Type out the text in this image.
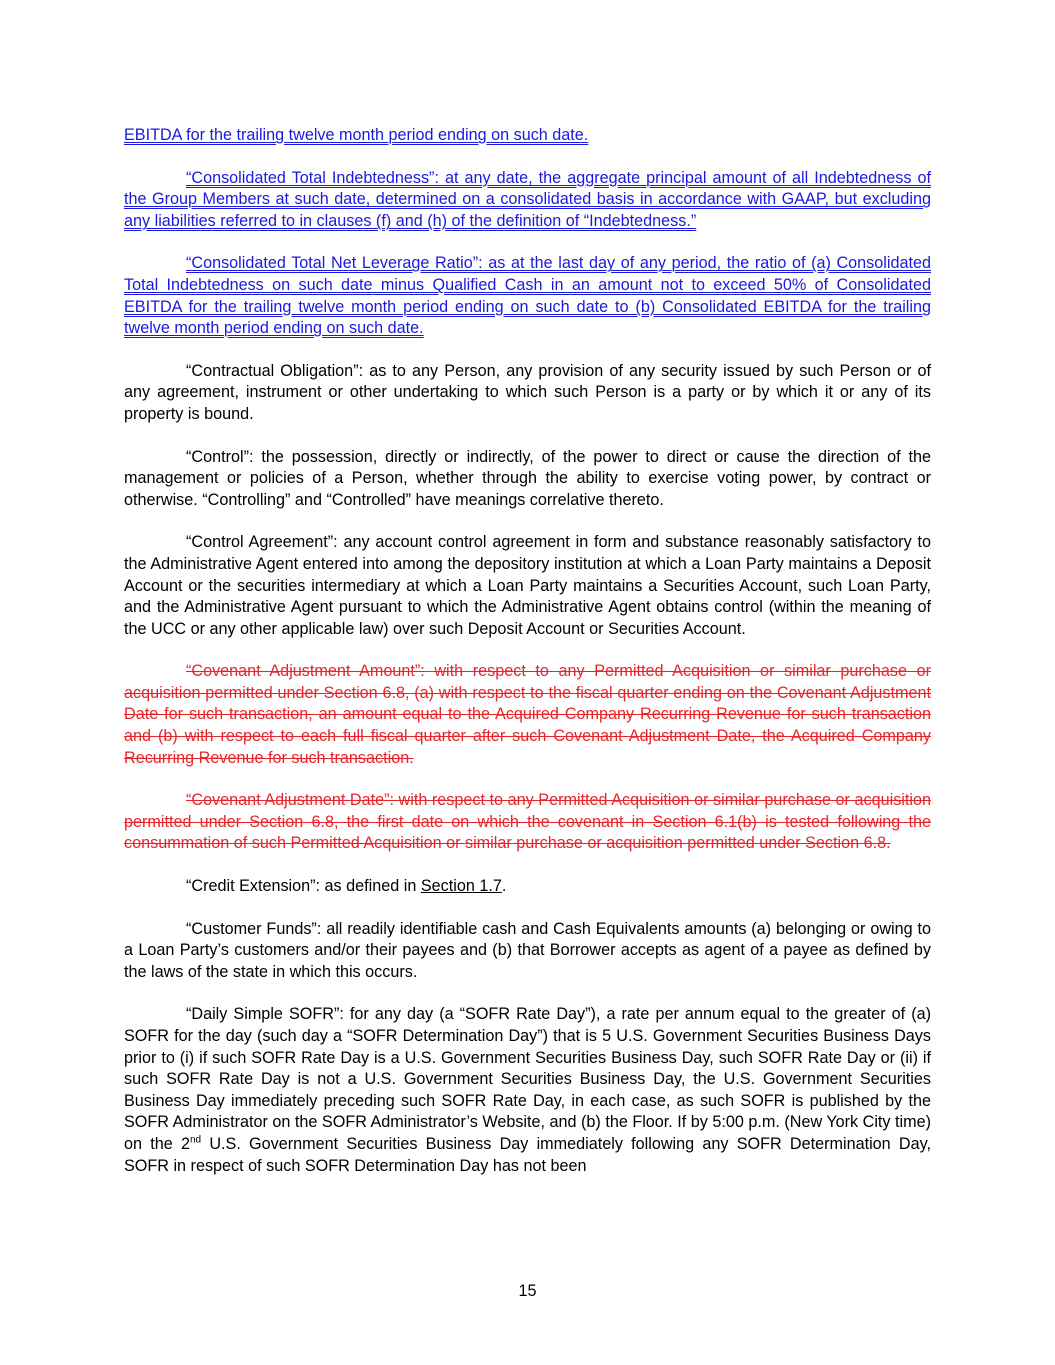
EBITDA for the trailing twelve month period ending on such date.

“Consolidated Total Indebtedness”: at any date, the aggregate principal amount of all Indebtedness of the Group Members at such date, determined on a consolidated basis in accordance with GAAP, but excluding any liabilities referred to in clauses (f) and (h) of the definition of “Indebtedness.”

“Consolidated Total Net Leverage Ratio”: as at the last day of any period, the ratio of (a) Consolidated Total Indebtedness on such date minus Qualified Cash in an amount not to exceed 50% of Consolidated EBITDA for the trailing twelve month period ending on such date to (b) Consolidated EBITDA for the trailing twelve month period ending on such date.

“Contractual Obligation”: as to any Person, any provision of any security issued by such Person or of any agreement, instrument or other undertaking to which such Person is a party or by which it or any of its property is bound.

“Control”: the possession, directly or indirectly, of the power to direct or cause the direction of the management or policies of a Person, whether through the ability to exercise voting power, by contract or otherwise. “Controlling” and “Controlled” have meanings correlative thereto.

“Control Agreement”: any account control agreement in form and substance reasonably satisfactory to the Administrative Agent entered into among the depository institution at which a Loan Party maintains a Deposit Account or the securities intermediary at which a Loan Party maintains a Securities Account, such Loan Party, and the Administrative Agent pursuant to which the Administrative Agent obtains control (within the meaning of the UCC or any other applicable law) over such Deposit Account or Securities Account.

“Covenant Adjustment Amount”: with respect to any Permitted Acquisition or similar purchase or acquisition permitted under Section 6.8, (a) with respect to the fiscal quarter ending on the Covenant Adjustment Date for such transaction, an amount equal to the Acquired Company Recurring Revenue for such transaction and (b) with respect to each full fiscal quarter after such Covenant Adjustment Date, the Acquired Company Recurring Revenue for such transaction.

“Covenant Adjustment Date”: with respect to any Permitted Acquisition or similar purchase or acquisition permitted under Section 6.8, the first date on which the covenant in Section 6.1(b) is tested following the consummation of such Permitted Acquisition or similar purchase or acquisition permitted under Section 6.8.

“Credit Extension”: as defined in Section 1.7.

“Customer Funds”: all readily identifiable cash and Cash Equivalents amounts (a) belonging or owing to a Loan Party’s customers and/or their payees and (b) that Borrower accepts as agent of a payee as defined by the laws of the state in which this occurs.

“Daily Simple SOFR”: for any day (a “SOFR Rate Day”), a rate per annum equal to the greater of (a) SOFR for the day (such day a “SOFR Determination Day”) that is 5 U.S. Government Securities Business Days prior to (i) if such SOFR Rate Day is a U.S. Government Securities Business Day, such SOFR Rate Day or (ii) if such SOFR Rate Day is not a U.S. Government Securities Business Day, the U.S. Government Securities Business Day immediately preceding such SOFR Rate Day, in each case, as such SOFR is published by the SOFR Administrator on the SOFR Administrator’s Website, and (b) the Floor. If by 5:00 p.m. (New York City time) on the 2nd U.S. Government Securities Business Day immediately following any SOFR Determination Day, SOFR in respect of such SOFR Determination Day has not been

15
